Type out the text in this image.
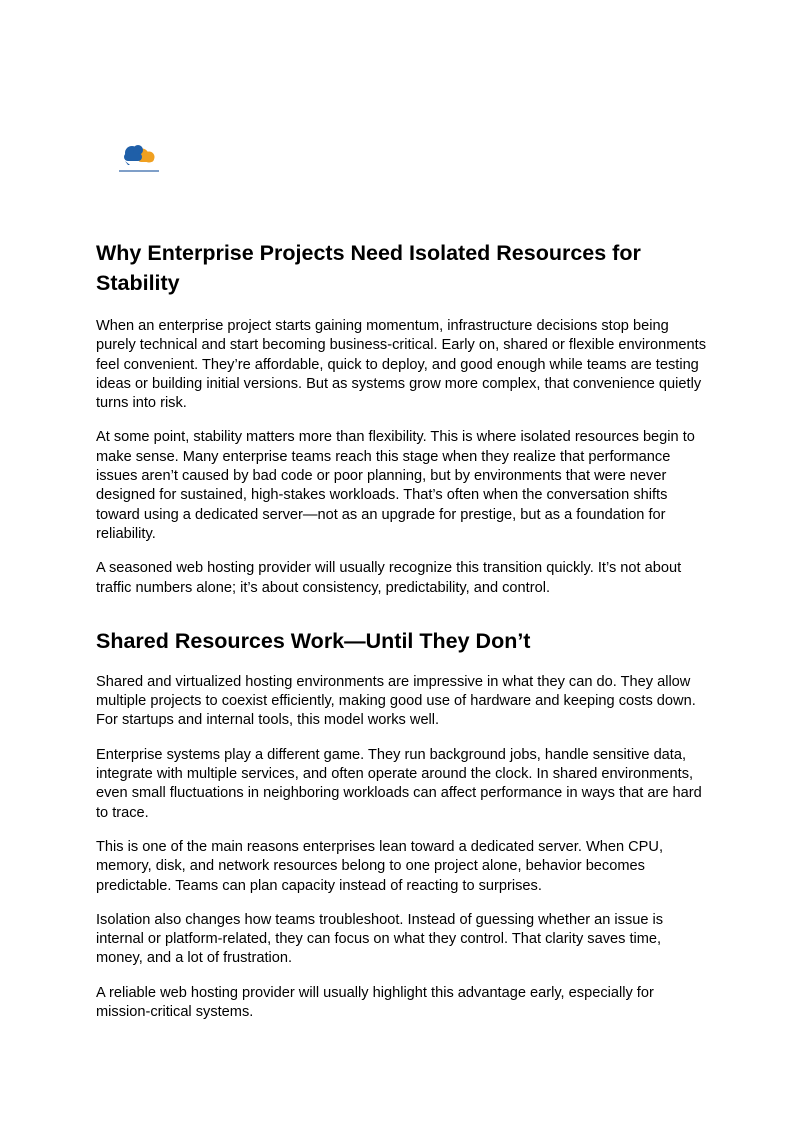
Why Enterprise Projects Need Isolated Resources for Stability

When an enterprise project starts gaining momentum, infrastructure decisions stop being purely technical and start becoming business-critical. Early on, shared or flexible environments feel convenient. They’re affordable, quick to deploy, and good enough while teams are testing ideas or building initial versions. But as systems grow more complex, that convenience quietly turns into risk.

At some point, stability matters more than flexibility. This is where isolated resources begin to make sense. Many enterprise teams reach this stage when they realize that performance issues aren’t caused by bad code or poor planning, but by environments that were never designed for sustained, high-stakes workloads. That’s often when the conversation shifts toward using a dedicated server—not as an upgrade for prestige, but as a foundation for reliability.

A seasoned web hosting provider will usually recognize this transition quickly. It’s not about traffic numbers alone; it’s about consistency, predictability, and control.

Shared Resources Work—Until They Don’t

Shared and virtualized hosting environments are impressive in what they can do. They allow multiple projects to coexist efficiently, making good use of hardware and keeping costs down. For startups and internal tools, this model works well.

Enterprise systems play a different game. They run background jobs, handle sensitive data, integrate with multiple services, and often operate around the clock. In shared environments, even small fluctuations in neighboring workloads can affect performance in ways that are hard to trace.

This is one of the main reasons enterprises lean toward a dedicated server. When CPU, memory, disk, and network resources belong to one project alone, behavior becomes predictable. Teams can plan capacity instead of reacting to surprises.

Isolation also changes how teams troubleshoot. Instead of guessing whether an issue is internal or platform-related, they can focus on what they control. That clarity saves time, money, and a lot of frustration.

A reliable web hosting provider will usually highlight this advantage early, especially for mission-critical systems.
